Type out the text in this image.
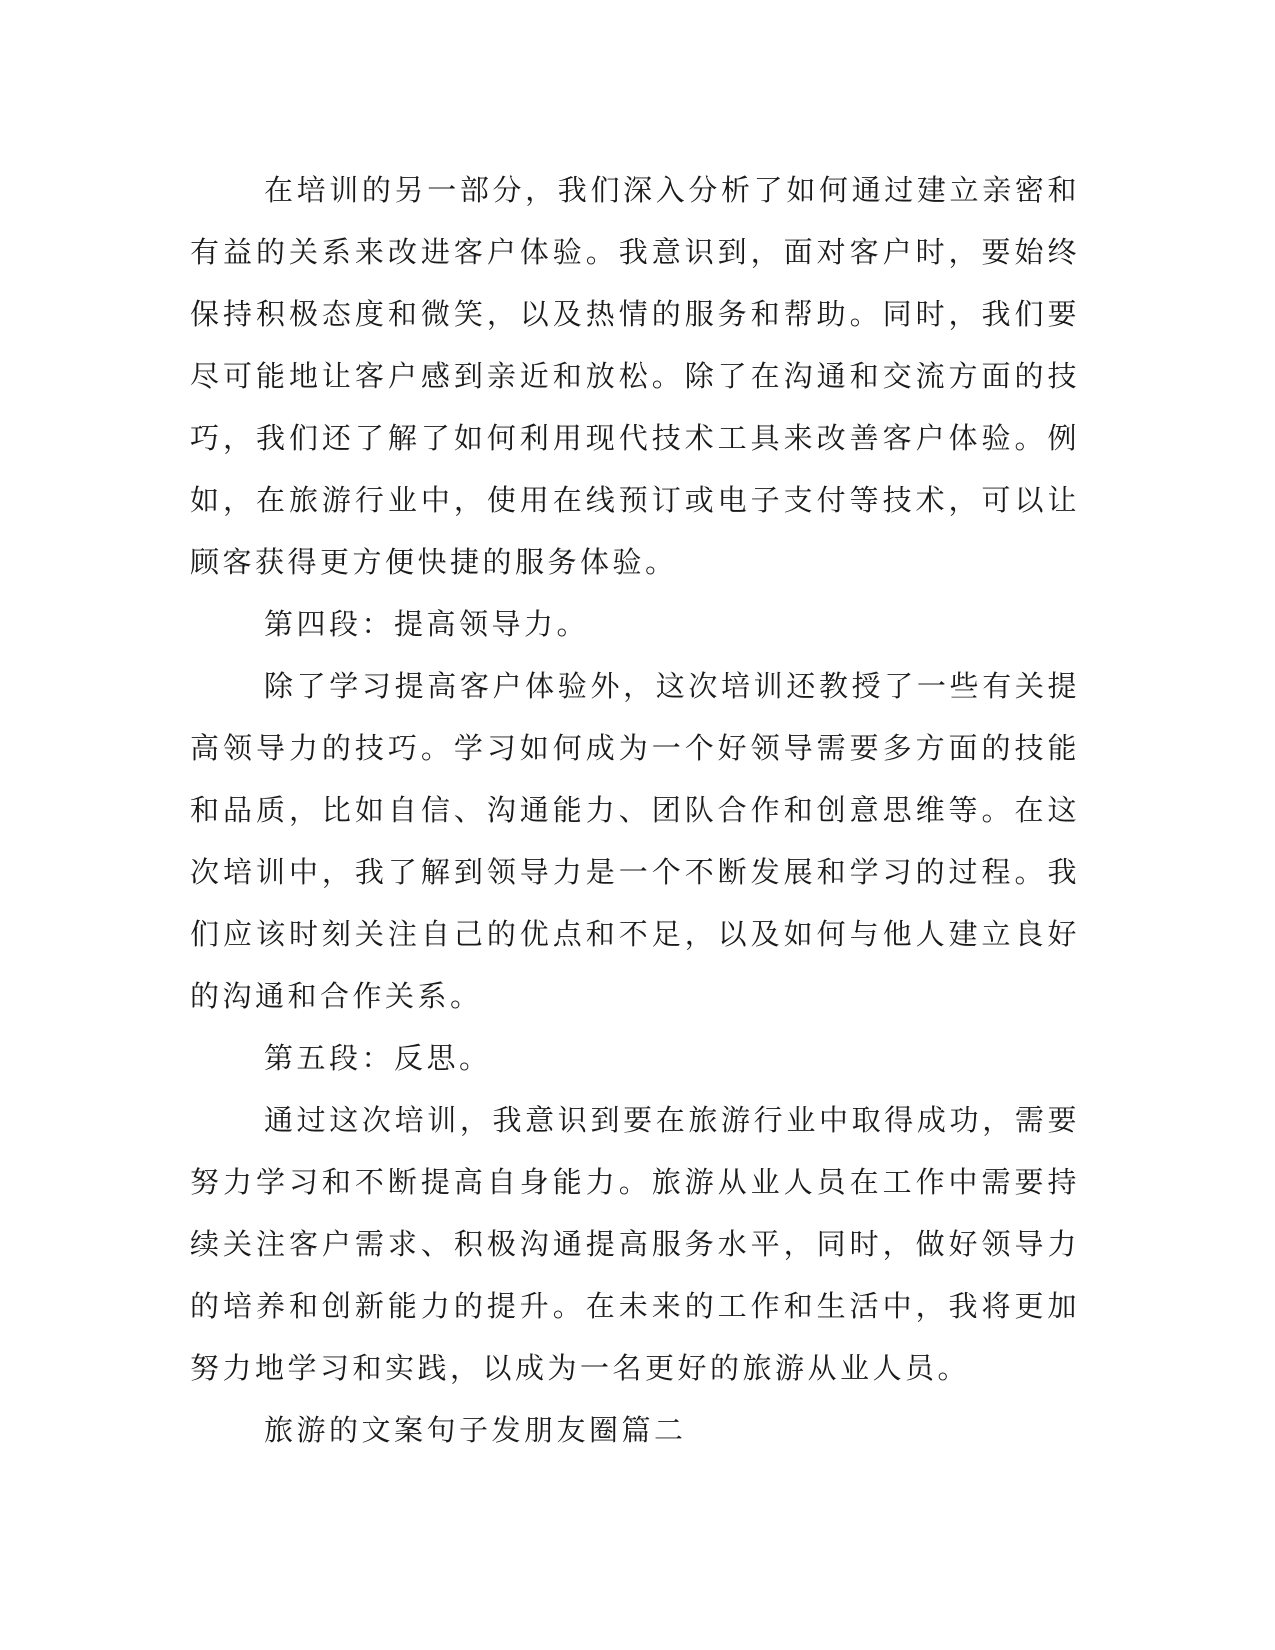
在培训的另一部分，我们深入分析了如何通过建立亲密和有益的关系来改进客户体验。我意识到，面对客户时，要始终保持积极态度和微笑，以及热情的服务和帮助。同时，我们要尽可能地让客户感到亲近和放松。除了在沟通和交流方面的技巧，我们还了解了如何利用现代技术工具来改善客户体验。例如，在旅游行业中，使用在线预订或电子支付等技术，可以让顾客获得更方便快捷的服务体验。

第四段：提高领导力。

除了学习提高客户体验外，这次培训还教授了一些有关提高领导力的技巧。学习如何成为一个好领导需要多方面的技能和品质，比如自信、沟通能力、团队合作和创意思维等。在这次培训中，我了解到领导力是一个不断发展和学习的过程。我们应该时刻关注自己的优点和不足，以及如何与他人建立良好的沟通和合作关系。

第五段：反思。

通过这次培训，我意识到要在旅游行业中取得成功，需要努力学习和不断提高自身能力。旅游从业人员在工作中需要持续关注客户需求、积极沟通提高服务水平，同时，做好领导力的培养和创新能力的提升。在未来的工作和生活中，我将更加努力地学习和实践，以成为一名更好的旅游从业人员。

旅游的文案句子发朋友圈篇二
